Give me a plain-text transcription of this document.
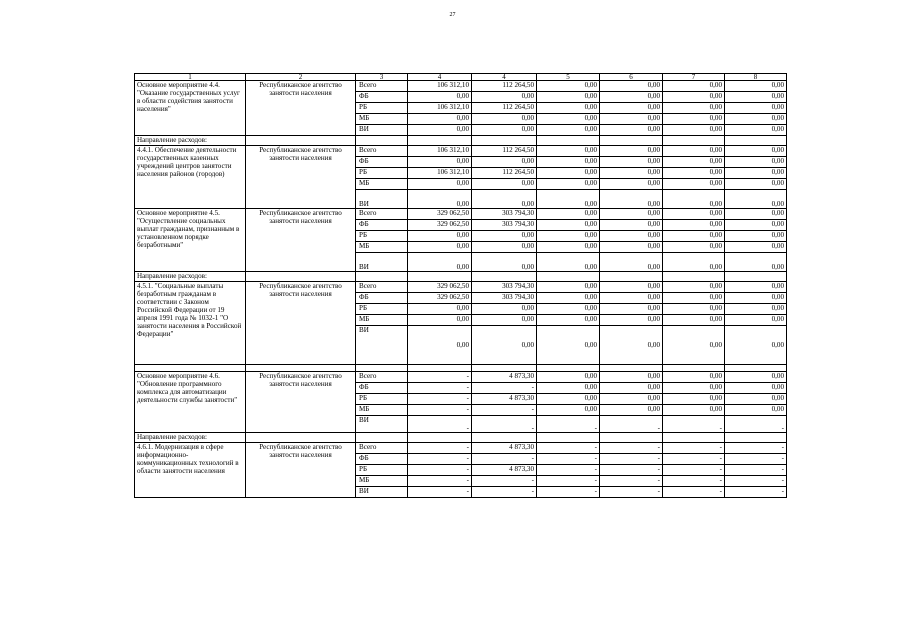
27
1	2	3	4	4	5	6	7	8
Основное мероприятие 4.4. "Оказание государственных услуг в области содействия занятости населения"	Республиканское агентство занятости населения	Всего	106 312,10	112 264,50	0,00	0,00	0,00	0,00
		ФБ	0,00	0,00	0,00	0,00	0,00	0,00
		РБ	106 312,10	112 264,50	0,00	0,00	0,00	0,00
		МБ	0,00	0,00	0,00	0,00	0,00	0,00
		ВИ	0,00	0,00	0,00	0,00	0,00	0,00
Направление расходов:								
4.4.1. Обеспечение деятельности государственных казенных учреждений центров занятости населения районов (городов)	Республиканское агентство занятости населения	Всего	106 312,10	112 264,50	0,00	0,00	0,00	0,00
		ФБ	0,00	0,00	0,00	0,00	0,00	0,00
		РБ	106 312,10	112 264,50	0,00	0,00	0,00	0,00
		МБ	0,00	0,00	0,00	0,00	0,00	0,00
		ВИ	0,00	0,00	0,00	0,00	0,00	0,00
Основное мероприятие 4.5. "Осуществление социальных выплат гражданам, признанным в установленном порядке безработными"	Республиканское агентство занятости населения	Всего	329 062,50	303 794,30	0,00	0,00	0,00	0,00
		ФБ	329 062,50	303 794,30	0,00	0,00	0,00	0,00
		РБ	0,00	0,00	0,00	0,00	0,00	0,00
		МБ	0,00	0,00	0,00	0,00	0,00	0,00
		ВИ	0,00	0,00	0,00	0,00	0,00	0,00
Направление расходов:								
4.5.1. "Социальные выплаты безработным гражданам в соответствии с Законом Российской Федерации от 19 апреля 1991 года № 1032-1 "О занятости населения в Российской Федерации"	Республиканское агентство занятости населения	Всего	329 062,50	303 794,30	0,00	0,00	0,00	0,00
		ФБ	329 062,50	303 794,30	0,00	0,00	0,00	0,00
		РБ	0,00	0,00	0,00	0,00	0,00	0,00
		МБ	0,00	0,00	0,00	0,00	0,00	0,00
		ВИ	0,00	0,00	0,00	0,00	0,00	0,00

Основное мероприятие 4.6. "Обновление программного комплекса для автоматизации деятельности службы занятости"	Республиканское агентство занятости населения	Всего	-	4 873,30	0,00	0,00	0,00	0,00
		ФБ	-	-	0,00	0,00	0,00	0,00
		РБ	-	4 873,30	0,00	0,00	0,00	0,00
		МБ	-	-	0,00	0,00	0,00	0,00
		ВИ	-	-	-	-	-	-
Направление расходов:								
4.6.1. Модернизация в сфере информационно-коммуникационных технологий в области занятости населения	Республиканское агентство занятости населения	Всего	-	4 873,30	-	-	-	-
		ФБ	-	-	-	-	-	-
		РБ	-	4 873,30	-	-	-	-
		МБ	-	-	-	-	-	-
		ВИ	-	-	-	-	-	-
